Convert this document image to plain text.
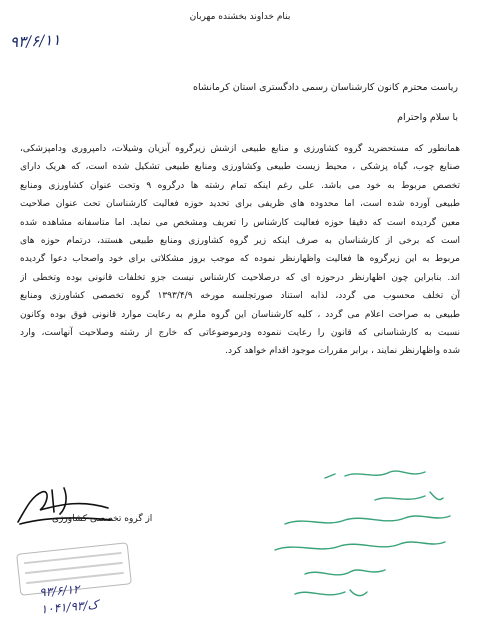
بنام خداوند بخشنده مهربان
۹۳/۶/۱۱
ریاست محترم کانون کارشناسان رسمی دادگستری استان کرمانشاه
با سلام واحترام
همانطور که مستحضرید گروه کشاورزی و منابع طبیعی ازشش زیرگروه آبزیان وشیلات، دامپروری ودامپزشکی،
صنایع چوب، گیاه پزشکی ، محیط زیست طبیعی وکشاورزی ومنابع طبیعی تشکیل شده است، که هریک دارای
تخصص مربوط به خود می باشد. علی رغم اینکه تمام رشته ها درگروه ۹ وتحت عنوان کشاورزی ومنابع
طبیعی آورده شده است، اما محدوده های ظریفی برای تحدید حوزه فعالیت کارشناسان تحت عنوان صلاحیت
معین گردیده است که دقیقا حوزه فعالیت کارشناس را تعریف ومشخص می نماید. اما متاسفانه مشاهده شده
است که برخی از کارشناسان به صرف اینکه زیر گروه کشاورزی ومنابع طبیعی هستند، درتمام حوزه های
مربوط به این زیرگروه ها فعالیت واظهارنظر نموده که موجب بروز مشکلاتی برای خود واصحاب دعوا گردیده
اند. بنابراین چون اظهارنظر درحوزه ای که درصلاحیت کارشناس نیست جزو تخلفات قانونی بوده وتخطی از
آن تخلف محسوب می گردد، لذابه استناد صورتجلسه مورخه ۱۳۹۳/۴/۹ گروه تخصصی کشاورزی ومنابع
طبیعی به صراحت اعلام می گردد ، کلیه کارشناسان این گروه ملزم به رعایت موارد قانونی فوق بوده وکانون
نسبت به کارشناسانی که قانون را رعایت ننموده ودرموضوعاتی که خارج از رشته وصلاحیت آنهاست، وارد
شده واظهارنظر نمایند ، برابر مقررات موجود اقدام خواهد کرد.
از گروه تخصصی کشاورزی
۹۳/۶/۱۲
۱۰۴۱/۹۳/ک
